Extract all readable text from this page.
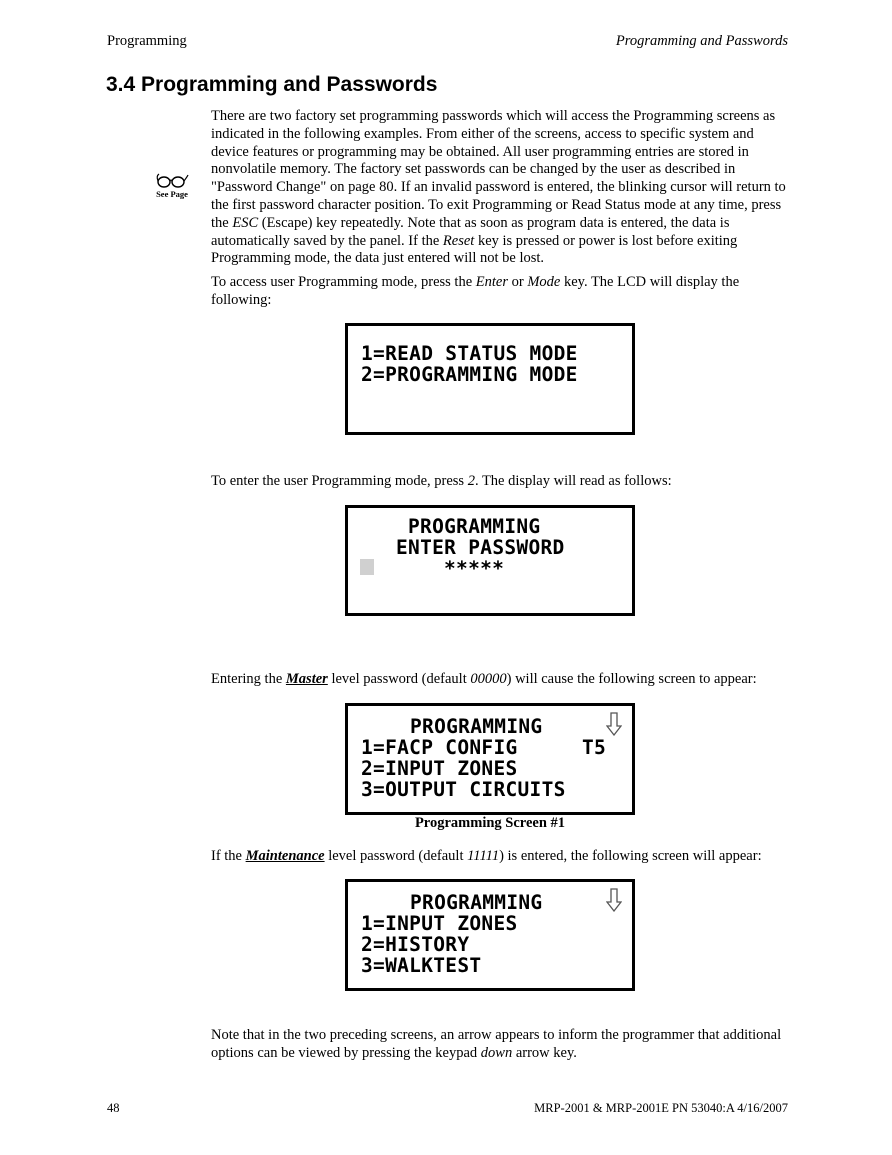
Programming	Programming and Passwords
3.4 Programming and Passwords
See Page

There are two factory set programming passwords which will access the Programming screens as indicated in the following examples. From either of the screens, access to specific system and device features or programming may be obtained. All user programming entries are stored in nonvolatile memory. The factory set passwords can be changed by the user as described in "Password Change" on page 80. If an invalid password is entered, the blinking cursor will return to the first password character position. To exit Programming or Read Status mode at any time, press the ESC (Escape) key repeatedly. Note that as soon as program data is entered, the data is automatically saved by the panel. If the Reset key is pressed or power is lost before exiting Programming mode, the data just entered will not be lost.

To access user Programming mode, press the Enter or Mode key. The LCD will display the following:

1=READ STATUS MODE
2=PROGRAMMING MODE

To enter the user Programming mode, press 2. The display will read as follows:

PROGRAMMING
ENTER PASSWORD
*****

Entering the Master level password (default 00000) will cause the following screen to appear:

PROGRAMMING
1=FACP CONFIG	T5
2=INPUT ZONES
3=OUTPUT CIRCUITS
Programming Screen #1

If the Maintenance level password (default 11111) is entered, the following screen will appear:

PROGRAMMING
1=INPUT ZONES
2=HISTORY
3=WALKTEST

Note that in the two preceding screens, an arrow appears to inform the programmer that additional options can be viewed by pressing the keypad down arrow key.

48	MRP-2001 & MRP-2001E PN 53040:A 4/16/2007
